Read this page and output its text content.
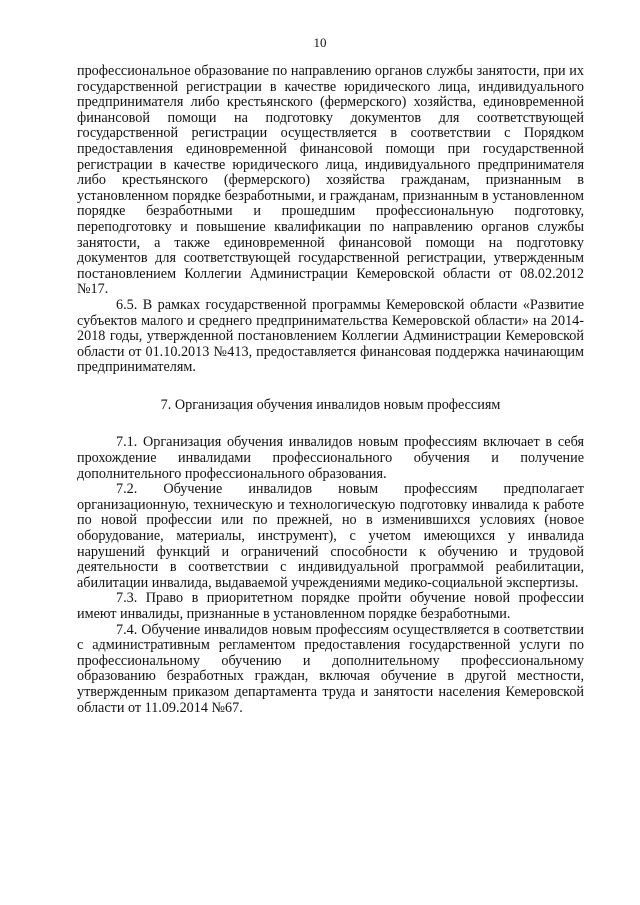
10

профессиональное образование по направлению органов службы занятости, при их государственной регистрации в качестве юридического лица, индивидуального предпринимателя либо крестьянского (фермерского) хозяйства, единовременной финансовой помощи на подготовку документов для соответствующей государственной регистрации осуществляется в соответствии с Порядком предоставления единовременной финансовой помощи при государственной регистрации в качестве юридического лица, индивидуального предпринимателя либо крестьянского (фермерского) хозяйства гражданам, признанным в установленном порядке безработными, и гражданам, признанным в установленном порядке безработными и прошедшим профессиональную подготовку, переподготовку и повышение квалификации по направлению органов службы занятости, а также единовременной финансовой помощи на подготовку документов для соответствующей государственной регистрации, утвержденным постановлением Коллегии Администрации Кемеровской области от 08.02.2012 №17.

6.5. В рамках государственной программы Кемеровской области «Развитие субъектов малого и среднего предпринимательства Кемеровской области» на 2014-2018 годы, утвержденной постановлением Коллегии Администрации Кемеровской области от 01.10.2013 №413, предоставляется финансовая поддержка начинающим предпринимателям.

7. Организация обучения инвалидов новым профессиям

7.1. Организация обучения инвалидов новым профессиям включает в себя прохождение инвалидами профессионального обучения и получение дополнительного профессионального образования.

7.2. Обучение инвалидов новым профессиям предполагает организационную, техническую и технологическую подготовку инвалида к работе по новой профессии или по прежней, но в изменившихся условиях (новое оборудование, материалы, инструмент), с учетом имеющихся у инвалида нарушений функций и ограничений способности к обучению и трудовой деятельности в соответствии с индивидуальной программой реабилитации, абилитации инвалида, выдаваемой учреждениями медико-социальной экспертизы.

7.3. Право в приоритетном порядке пройти обучение новой профессии имеют инвалиды, признанные в установленном порядке безработными.

7.4. Обучение инвалидов новым профессиям осуществляется в соответствии с административным регламентом предоставления государственной услуги по профессиональному обучению и дополнительному профессиональному образованию безработных граждан, включая обучение в другой местности, утвержденным приказом департамента труда и занятости населения Кемеровской области от 11.09.2014 №67.
